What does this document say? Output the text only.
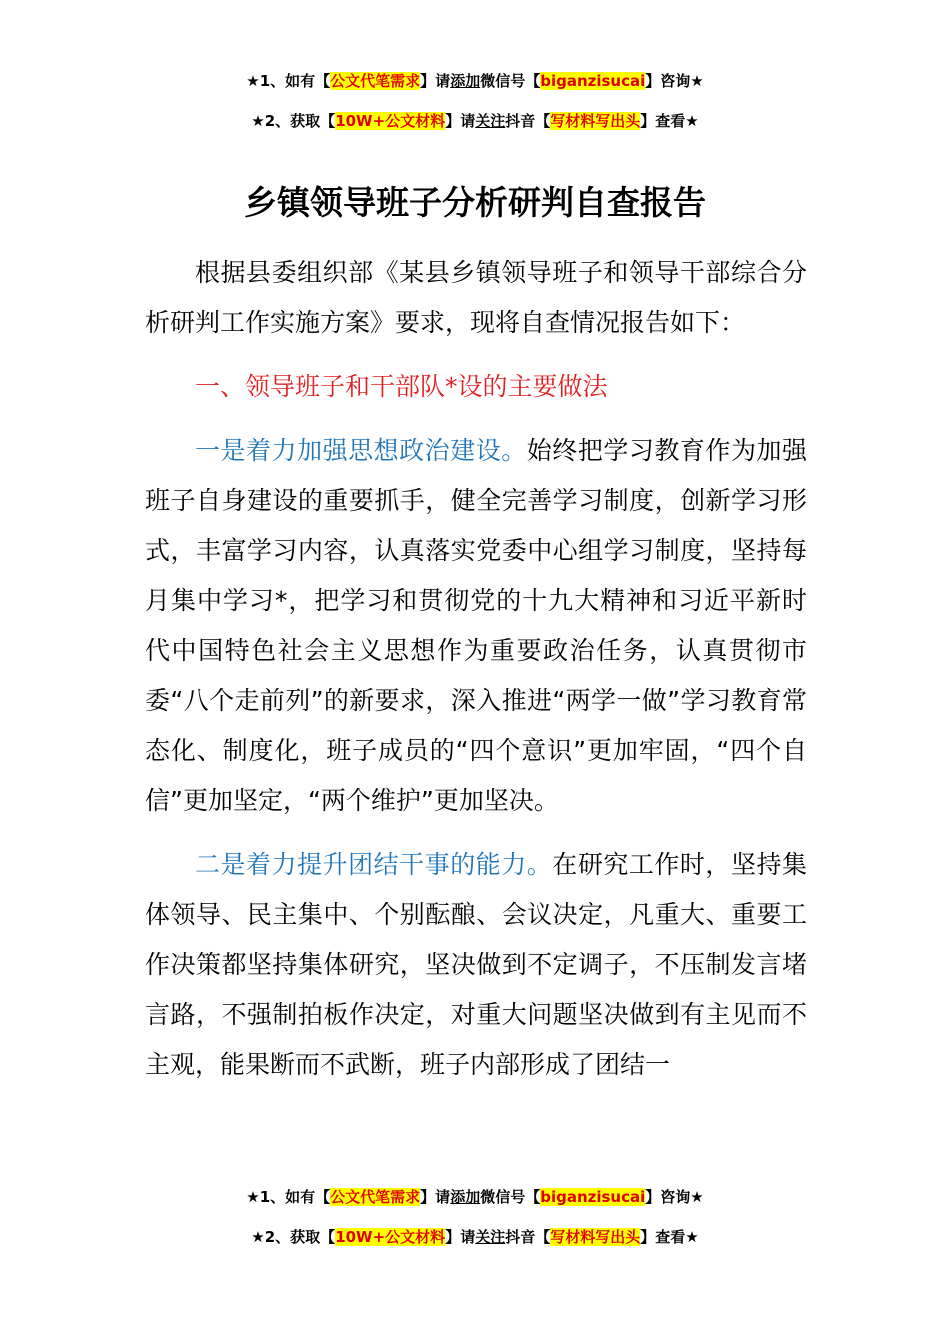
★1、如有【公文代笔需求】请添加微信号【biganzisucai】咨询★
★2、获取【10W+公文材料】请关注抖音【写材料写出头】查看★
乡镇领导班子分析研判自查报告

根据县委组织部《某县乡镇领导班子和领导干部综合分析研判工作实施方案》要求，现将自查情况报告如下：

一、领导班子和干部队*设的主要做法

一是着力加强思想政治建设。始终把学习教育作为加强班子自身建设的重要抓手，健全完善学习制度，创新学习形式，丰富学习内容，认真落实党委中心组学习制度，坚持每月集中学习*，把学习和贯彻党的十九大精神和习近平新时代中国特色社会主义思想作为重要政治任务，认真贯彻市委“八个走前列”的新要求，深入推进“两学一做”学习教育常态化、制度化，班子成员的“四个意识”更加牢固，“四个自信”更加坚定，“两个维护”更加坚决。

二是着力提升团结干事的能力。在研究工作时，坚持集体领导、民主集中、个别酝酿、会议决定，凡重大、重要工作决策都坚持集体研究，坚决做到不定调子，不压制发言堵言路，不强制拍板作决定，对重大问题坚决做到有主见而不主观，能果断而不武断，班子内部形成了团结一

★1、如有【公文代笔需求】请添加微信号【biganzisucai】咨询★
★2、获取【10W+公文材料】请关注抖音【写材料写出头】查看★
